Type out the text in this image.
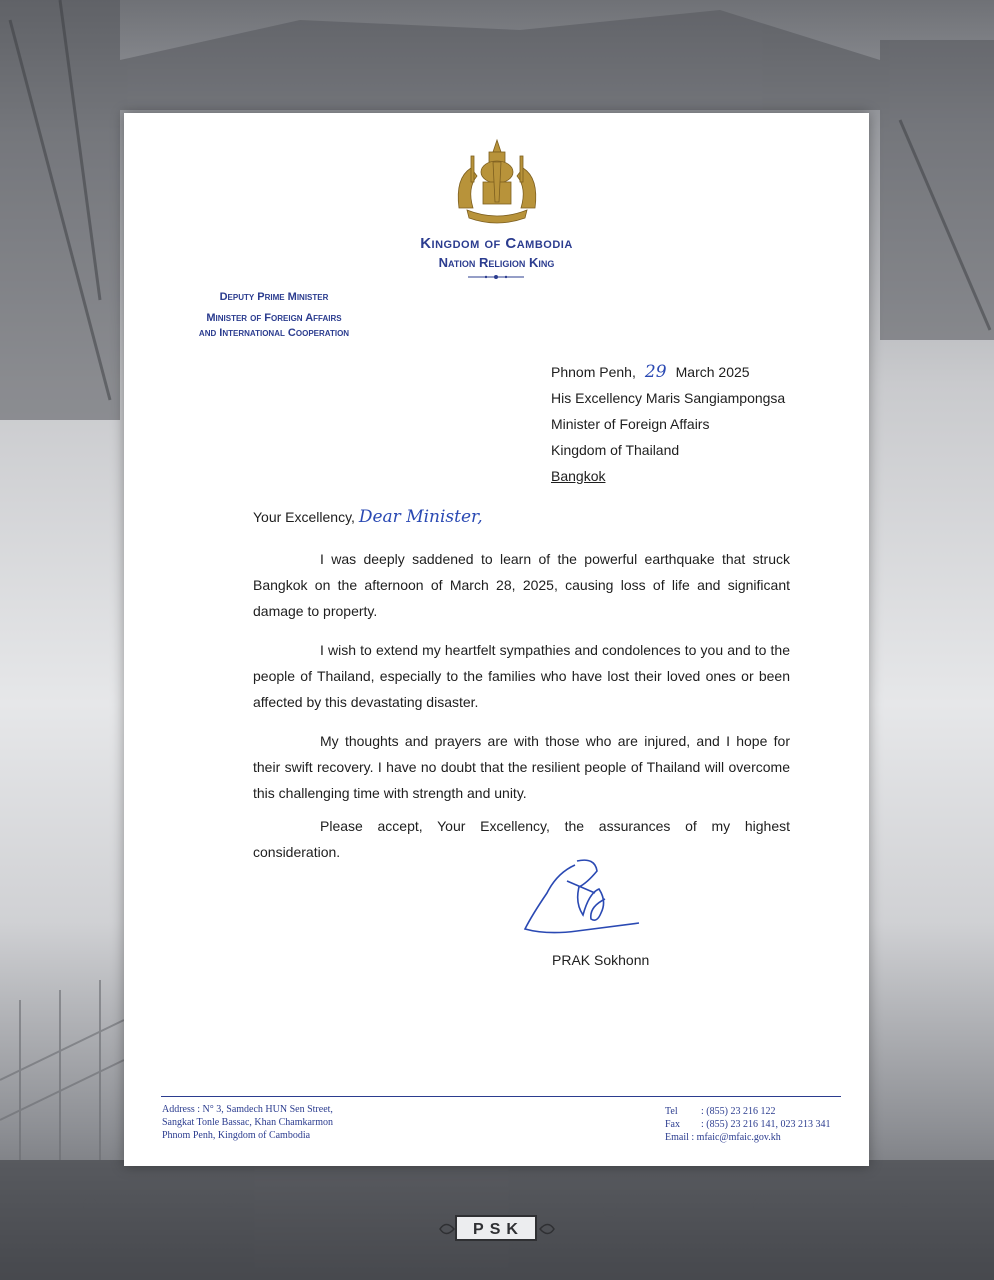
Kingdom of Cambodia
Nation Religion King
Deputy Prime Minister
Minister of Foreign Affairs
and International Cooperation
Phnom Penh, 29 March 2025
His Excellency Maris Sangiampongsa
Minister of Foreign Affairs
Kingdom of Thailand
Bangkok
Your Excellency, Dear Minister,

I was deeply saddened to learn of the powerful earthquake that struck Bangkok on the afternoon of March 28, 2025, causing loss of life and significant damage to property.

I wish to extend my heartfelt sympathies and condolences to you and to the people of Thailand, especially to the families who have lost their loved ones or been affected by this devastating disaster.

My thoughts and prayers are with those who are injured, and I hope for their swift recovery. I have no doubt that the resilient people of Thailand will overcome this challenging time with strength and unity.

Please accept, Your Excellency, the assurances of my highest consideration.

PRAK Sokhonn
Address : N° 3, Samdech HUN Sen Street,
Sangkat Tonle Bassac, Khan Chamkarmon
Phnom Penh, Kingdom of Cambodia
Tel : (855) 23 216 122
Fax : (855) 23 216 141, 023 213 341
Email : mfaic@mfaic.gov.kh
PSK
